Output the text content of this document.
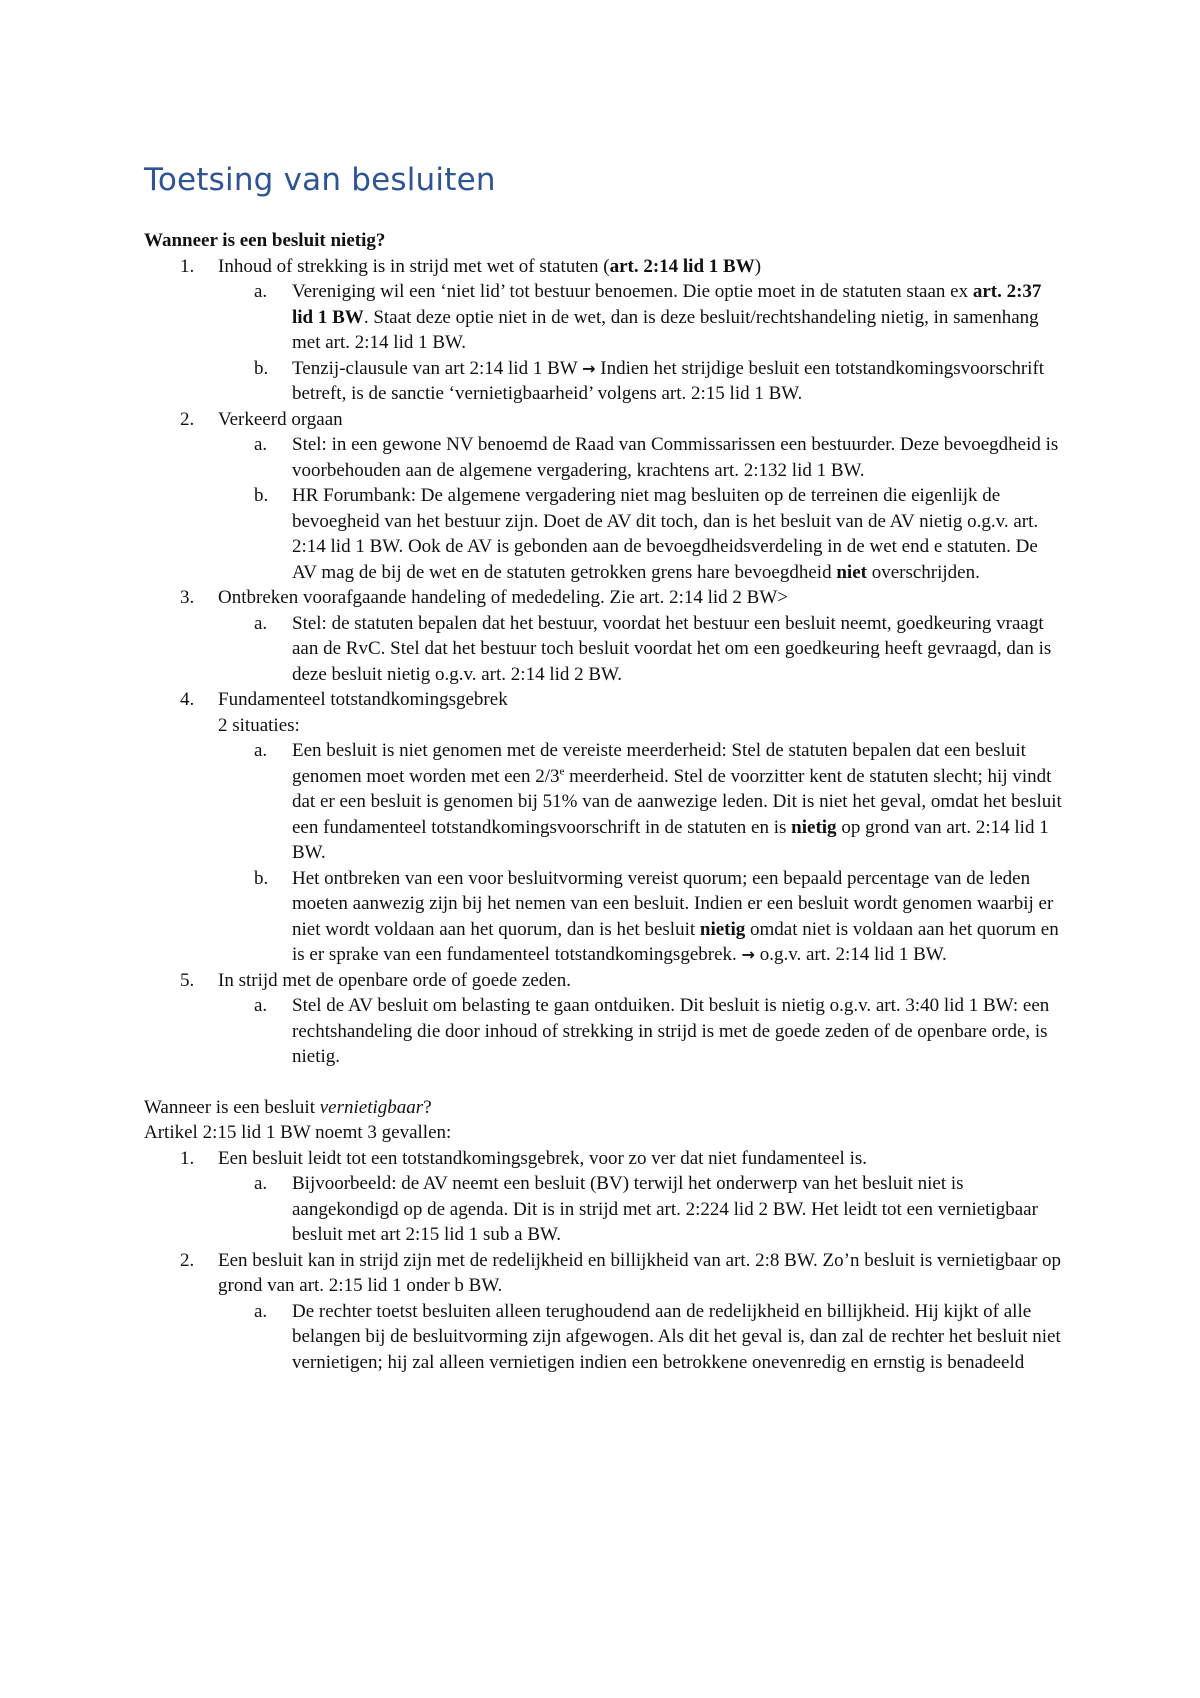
Toetsing van besluiten

Wanneer is een besluit nietig?

1. Inhoud of strekking is in strijd met wet of statuten (art. 2:14 lid 1 BW)
a. Vereniging wil een ‘niet lid’ tot bestuur benoemen. Die optie moet in de statuten staan ex art. 2:37 lid 1 BW. Staat deze optie niet in de wet, dan is deze besluit/rechtshandeling nietig, in samenhang met art. 2:14 lid 1 BW.
b. Tenzij-clausule van art 2:14 lid 1 BW → Indien het strijdige besluit een totstandkomingsvoorschrift betreft, is de sanctie ‘vernietigbaarheid’ volgens art. 2:15 lid 1 BW.
2. Verkeerd orgaan
a. Stel: in een gewone NV benoemd de Raad van Commissarissen een bestuurder. Deze bevoegdheid is voorbehouden aan de algemene vergadering, krachtens art. 2:132 lid 1 BW.
b. HR Forumbank: De algemene vergadering niet mag besluiten op de terreinen die eigenlijk de bevoegheid van het bestuur zijn. Doet de AV dit toch, dan is het besluit van de AV nietig o.g.v. art. 2:14 lid 1 BW. Ook de AV is gebonden aan de bevoegdheidsverdeling in de wet end e statuten. De AV mag de bij de wet en de statuten getrokken grens hare bevoegdheid niet overschrijden.
3. Ontbreken voorafgaande handeling of mededeling. Zie art. 2:14 lid 2 BW>
a. Stel: de statuten bepalen dat het bestuur, voordat het bestuur een besluit neemt, goedkeuring vraagt aan de RvC. Stel dat het bestuur toch besluit voordat het om een goedkeuring heeft gevraagd, dan is deze besluit nietig o.g.v. art. 2:14 lid 2 BW.
4. Fundamenteel totstandkomingsgebrek
2 situaties:
a. Een besluit is niet genomen met de vereiste meerderheid: Stel de statuten bepalen dat een besluit genomen moet worden met een 2/3e meerderheid. Stel de voorzitter kent de statuten slecht; hij vindt dat er een besluit is genomen bij 51% van de aanwezige leden. Dit is niet het geval, omdat het besluit een fundamenteel totstandkomingsvoorschrift in de statuten en is nietig op grond van art. 2:14 lid 1 BW.
b. Het ontbreken van een voor besluitvorming vereist quorum; een bepaald percentage van de leden moeten aanwezig zijn bij het nemen van een besluit. Indien er een besluit wordt genomen waarbij er niet wordt voldaan aan het quorum, dan is het besluit nietig omdat niet is voldaan aan het quorum en is er sprake van een fundamenteel totstandkomingsgebrek. → o.g.v. art. 2:14 lid 1 BW.
5. In strijd met de openbare orde of goede zeden.
a. Stel de AV besluit om belasting te gaan ontduiken. Dit besluit is nietig o.g.v. art. 3:40 lid 1 BW: een rechtshandeling die door inhoud of strekking in strijd is met de goede zeden of de openbare orde, is nietig.

Wanneer is een besluit vernietigbaar?

Artikel 2:15 lid 1 BW noemt 3 gevallen:

1. Een besluit leidt tot een totstandkomingsgebrek, voor zo ver dat niet fundamenteel is.
a. Bijvoorbeeld: de AV neemt een besluit (BV) terwijl het onderwerp van het besluit niet is aangekondigd op de agenda. Dit is in strijd met art. 2:224 lid 2 BW. Het leidt tot een vernietigbaar besluit met art 2:15 lid 1 sub a BW.
2. Een besluit kan in strijd zijn met de redelijkheid en billijkheid van art. 2:8 BW. Zo’n besluit is vernietigbaar op grond van art. 2:15 lid 1 onder b BW.
a. De rechter toetst besluiten alleen terughoudend aan de redelijkheid en billijkheid. Hij kijkt of alle belangen bij de besluitvorming zijn afgewogen. Als dit het geval is, dan zal de rechter het besluit niet vernietigen; hij zal alleen vernietigen indien een betrokkene onevenredig en ernstig is benadeeld
